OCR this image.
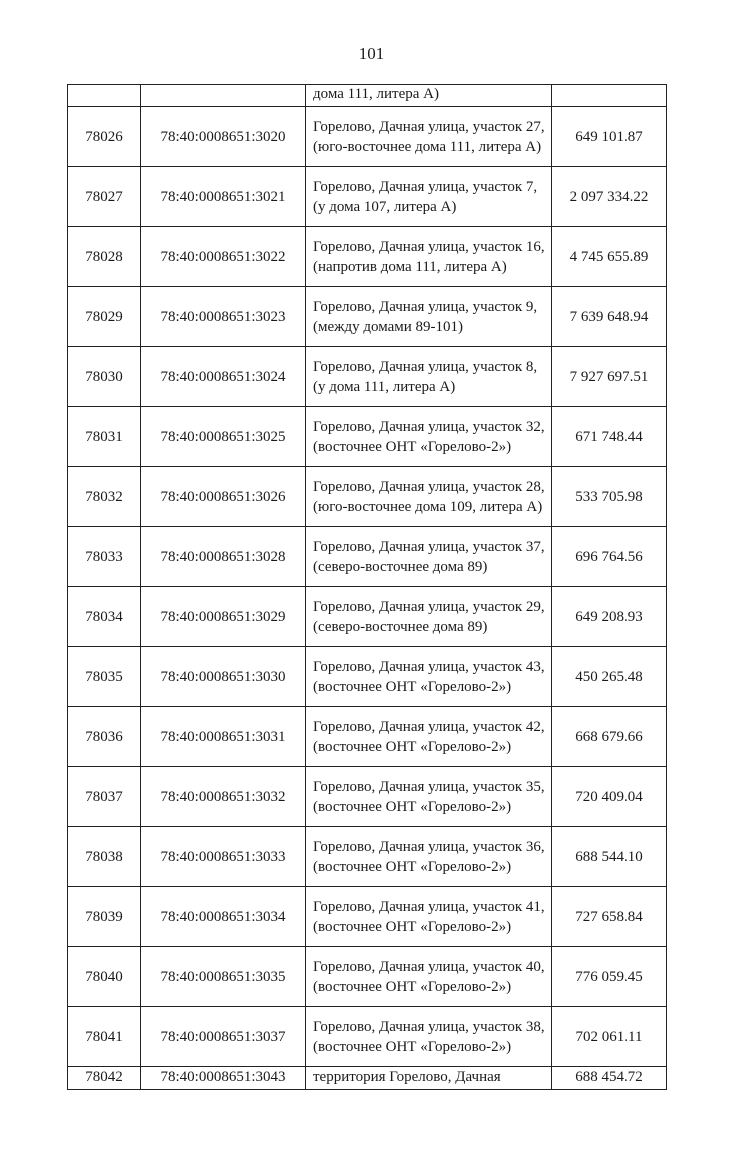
101
		дома 111, литера А)	
78026	78:40:0008651:3020	Горелово, Дачная улица, участок 27, (юго-восточнее дома 111, литера А)	649 101.87
78027	78:40:0008651:3021	Горелово, Дачная улица, участок 7, (у дома 107, литера А)	2 097 334.22
78028	78:40:0008651:3022	Горелово, Дачная улица, участок 16, (напротив дома 111, литера А)	4 745 655.89
78029	78:40:0008651:3023	Горелово, Дачная улица, участок 9, (между домами 89-101)	7 639 648.94
78030	78:40:0008651:3024	Горелово, Дачная улица, участок 8, (у дома 111, литера А)	7 927 697.51
78031	78:40:0008651:3025	Горелово, Дачная улица, участок 32, (восточнее ОНТ «Горелово-2»)	671 748.44
78032	78:40:0008651:3026	Горелово, Дачная улица, участок 28, (юго-восточнее дома 109, литера А)	533 705.98
78033	78:40:0008651:3028	Горелово, Дачная улица, участок 37, (северо-восточнее дома 89)	696 764.56
78034	78:40:0008651:3029	Горелово, Дачная улица, участок 29, (северо-восточнее дома 89)	649 208.93
78035	78:40:0008651:3030	Горелово, Дачная улица, участок 43, (восточнее ОНТ «Горелово-2»)	450 265.48
78036	78:40:0008651:3031	Горелово, Дачная улица, участок 42, (восточнее ОНТ «Горелово-2»)	668 679.66
78037	78:40:0008651:3032	Горелово, Дачная улица, участок 35, (восточнее ОНТ «Горелово-2»)	720 409.04
78038	78:40:0008651:3033	Горелово, Дачная улица, участок 36, (восточнее ОНТ «Горелово-2»)	688 544.10
78039	78:40:0008651:3034	Горелово, Дачная улица, участок 41, (восточнее ОНТ «Горелово-2»)	727 658.84
78040	78:40:0008651:3035	Горелово, Дачная улица, участок 40, (восточнее ОНТ «Горелово-2»)	776 059.45
78041	78:40:0008651:3037	Горелово, Дачная улица, участок 38, (восточнее ОНТ «Горелово-2»)	702 061.11
78042	78:40:0008651:3043	территория Горелово, Дачная	688 454.72
